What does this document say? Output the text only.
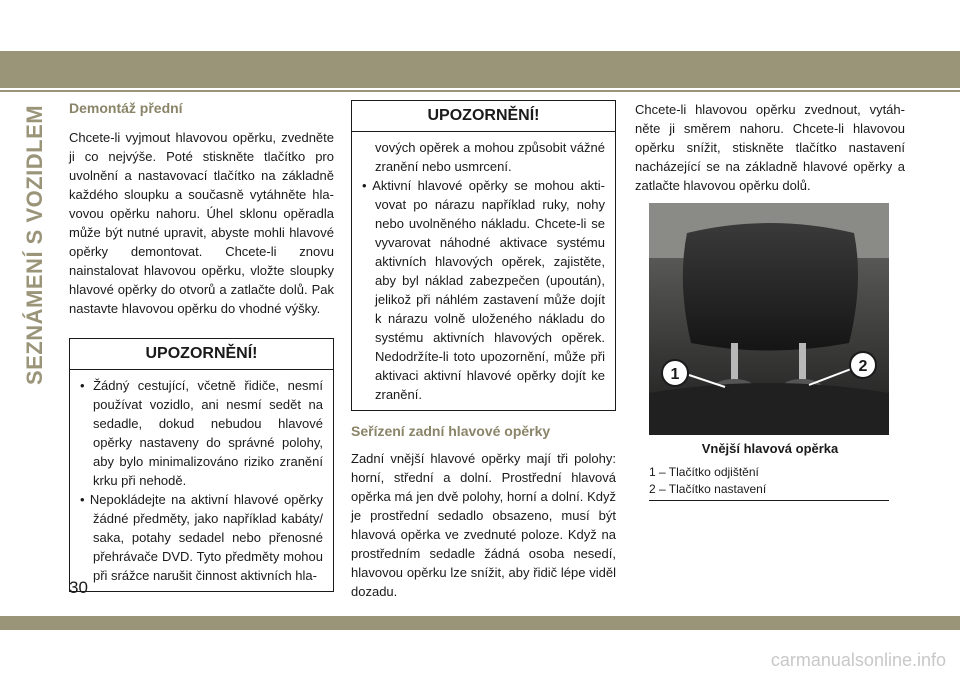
SEZNÁMENÍ S VOZIDLEM Demontáž přední

Chcete-li vyjmout hlavovou opěrku, zvedněte ji co nejvýše. Poté stiskněte tlačítko pro uvolnění a nastavovací tlačítko na základně každého sloupku a současně vytáhněte hlavovou opěrku nahoru. Úhel sklonu opěradla může být nutné upravit, abyste mohli hlavové opěrky demontovat. Chcete-li znovu nainstalovat hlavovou opěrku, vložte sloupky hlavové opěrky do otvorů a zatlačte dolů. Pak nastavte hlavovou opěrku do vhodné výšky.

UPOZORNĚNÍ!
• Žádný cestující, včetně řidiče, nesmí používat vozidlo, ani nesmí sedět na sedadle, dokud nebudou hlavové opěrky nastaveny do správné polohy, aby bylo minimalizováno riziko zranění krku při nehodě.
• Nepokládejte na aktivní hlavové opěrky žádné předměty, jako například kabáty/ saka, potahy sedadel nebo přenosné přehrávače DVD. Tyto předměty mohou při srážce narušit činnost aktivních hla-
UPOZORNĚNÍ!
vových opěrek a mohou způsobit vážné zranění nebo usmrcení.
• Aktivní hlavové opěrky se mohou aktivovat po nárazu například ruky, nohy nebo uvolněného nákladu. Chcete-li se vyvarovat náhodné aktivace systému aktivních hlavových opěrek, zajistěte, aby byl náklad zabezpečen (upoután), jelikož při náhlém zastavení může dojít k nárazu volně uloženého nákladu do systému aktivních hlavových opěrek. Nedodržíte-li toto upozornění, může při aktivaci aktivní hlavové opěrky dojít ke zranění.

Seřízení zadní hlavové opěrky

Zadní vnější hlavové opěrky mají tři polohy: horní, střední a dolní. Prostřední hlavová opěrka má jen dvě polohy, horní a dolní. Když je prostřední sedadlo obsazeno, musí být hlavová opěrka ve zvednuté poloze. Když na prostředním sedadle žádná osoba nesedí, hlavovou opěrku lze snížit, aby řidič lépe viděl dozadu.

Chcete-li hlavovou opěrku zvednout, vytáhněte ji směrem nahoru. Chcete-li hlavovou opěrku snížit, stiskněte tlačítko nastavení nacházející se na základně hlavové opěrky a zatlačte hlavovou opěrku dolů.

1	2
Vnější hlavová opěrka
1 – Tlačítko odjištění
2 – Tlačítko nastavení
30
carmanualsonline.info
